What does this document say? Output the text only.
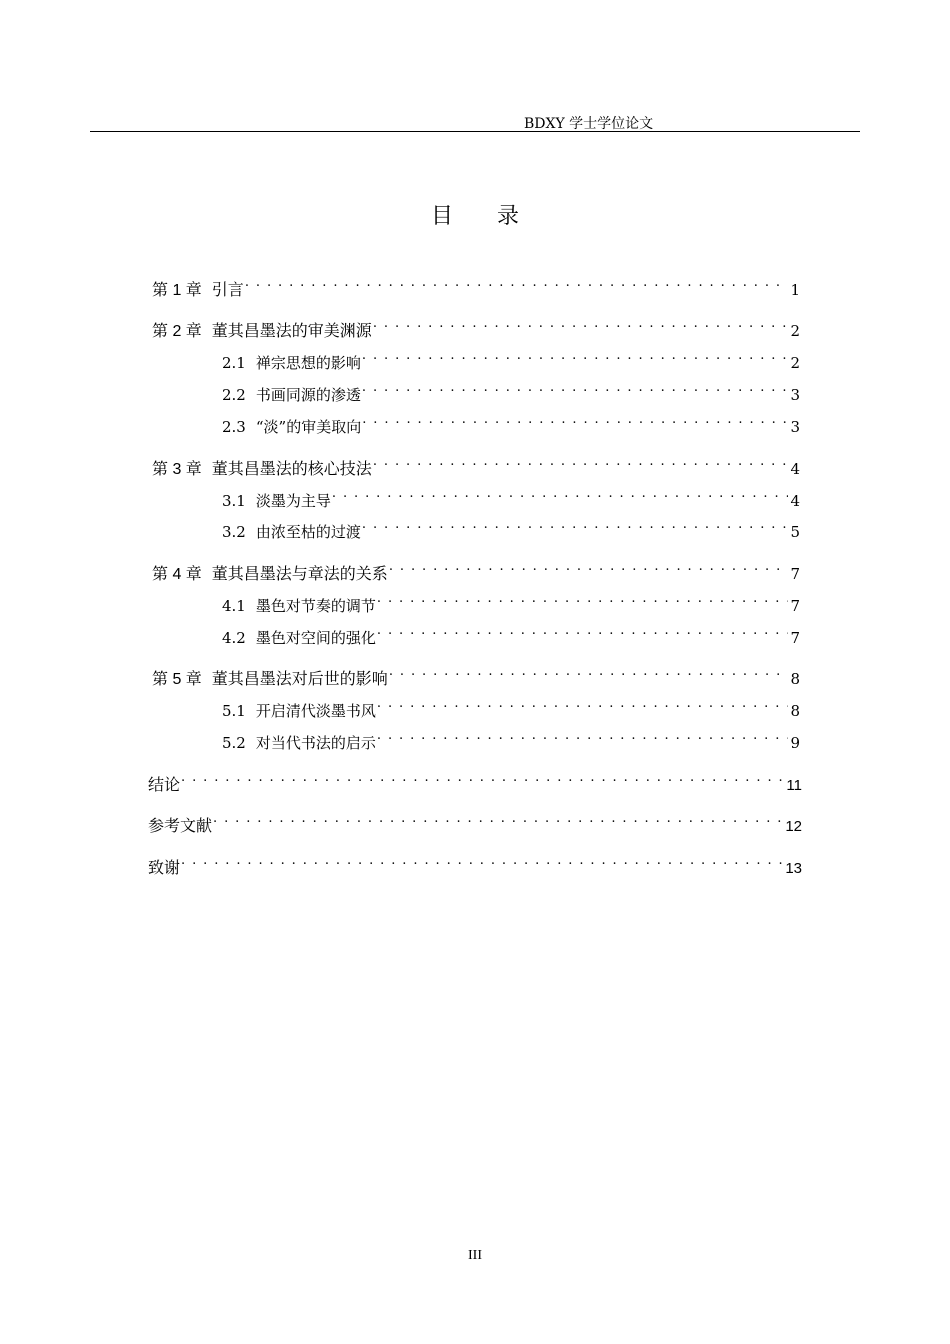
BDXY 学士学位论文
目录
第 1 章 引言 . . .	1
第 2 章 董其昌墨法的审美渊源 . . .	2
2.1 禅宗思想的影响 . . .	2
2.2 书画同源的渗透 . . .	3
2.3 “淡”的审美取向 . . .	3
第 3 章 董其昌墨法的核心技法 . . .	4
3.1 淡墨为主导 . . .	4
3.2 由浓至枯的过渡 . . .	5
第 4 章 董其昌墨法与章法的关系 . . .	7
4.1 墨色对节奏的调节 . . .	7
4.2 墨色对空间的强化 . . .	7
第 5 章 董其昌墨法对后世的影响 . . .	8
5.1 开启清代淡墨书风 . . .	8
5.2 对当代书法的启示 . . .	9
结论 . . .	11
参考文献 . . .	12
致谢 . . .	13
III
